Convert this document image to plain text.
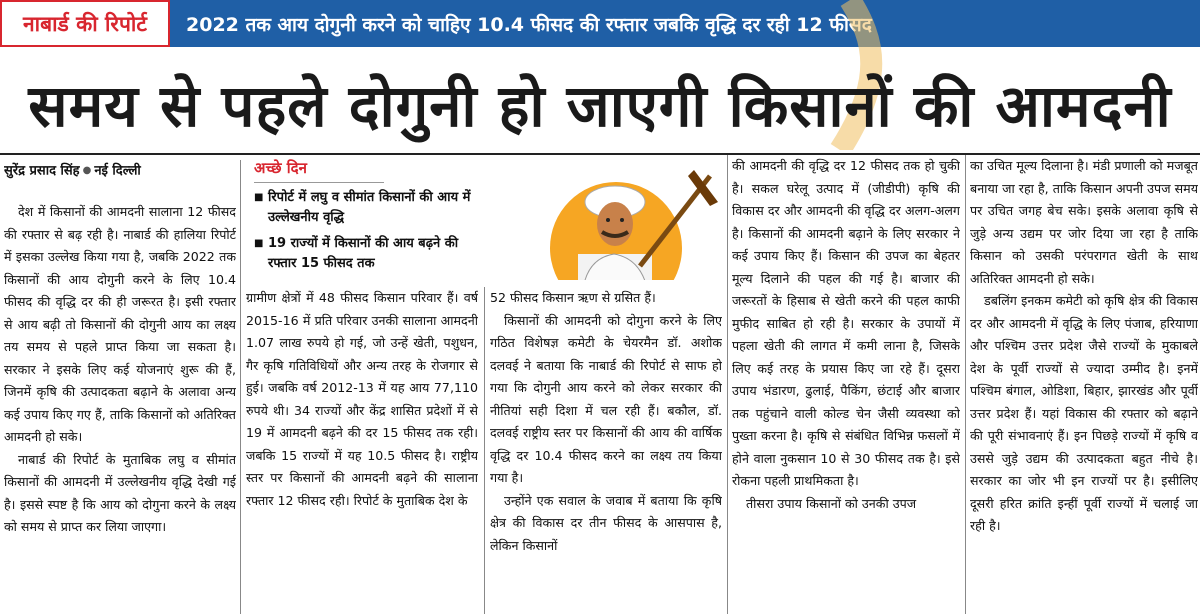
नाबार्ड की रिपोर्ट	2022 तक आय दोगुनी करने को चाहिए 10.4 फीसद की रफ्तार जबकि वृद्धि दर रही 12 फीसद
समय से पहले दोगुनी हो जाएगी किसानों की आमदनी
सुरेंद्र प्रसाद सिंह ● नई दिल्ली

देश में किसानों की आमदनी सालाना 12 फीसद की रफ्तार से बढ़ रही है। नाबार्ड की हालिया रिपोर्ट में इसका उल्लेख किया गया है, जबकि 2022 तक किसानों की आय दोगुनी करने के लिए 10.4 फीसद की वृद्धि दर की ही जरूरत है। इसी रफ्तार से आय बढ़ी तो किसानों की दोगुनी आय का लक्ष्य तय समय से पहले प्राप्त किया जा सकता है। सरकार ने इसके लिए कई योजनाएं शुरू की हैं, जिनमें कृषि की उत्पादकता बढ़ाने के अलावा अन्य कई उपाय किए गए हैं, ताकि किसानों को अतिरिक्त आमदनी हो सके।

नाबार्ड की रिपोर्ट के मुताबिक लघु व सीमांत किसानों की आमदनी में उल्लेखनीय वृद्धि देखी गई है। इससे स्पष्ट है कि आय को दोगुना करने के लक्ष्य को समय से प्राप्त कर लिया जाएगा।

अच्छे दिन
■ रिपोर्ट में लघु व सीमांत किसानों की आय में उल्लेखनीय वृद्धि
■ 19 राज्यों में किसानों की आय बढ़ने की रफ्तार 15 फीसद तक

ग्रामीण क्षेत्रों में 48 फीसद किसान परिवार हैं। वर्ष 2015-16 में प्रति परिवार उनकी सालाना आमदनी 1.07 लाख रुपये हो गई, जो उन्हें खेती, पशुधन, गैर कृषि गतिविधियों और अन्य तरह के रोजगार से हुई। जबकि वर्ष 2012-13 में यह आय 77,110 रुपये थी। 34 राज्यों और केंद्र शासित प्रदेशों में से 19 में आमदनी बढ़ने की दर 15 फीसद तक रही। जबकि 15 राज्यों में यह 10.5 फीसद है। राष्ट्रीय स्तर पर किसानों की आमदनी बढ़ने की सालाना रफ्तार 12 फीसद रही। रिपोर्ट के मुताबिक देश के

52 फीसद किसान ऋण से ग्रसित हैं।

किसानों की आमदनी को दोगुना करने के लिए गठित विशेषज्ञ कमेटी के चेयरमैन डॉ. अशोक दलवई ने बताया कि नाबार्ड की रिपोर्ट से साफ हो गया कि दोगुनी आय करने को लेकर सरकार की नीतियां सही दिशा में चल रही हैं। बकौल, डॉ. दलवई राष्ट्रीय स्तर पर किसानों की आय की वार्षिक वृद्धि दर 10.4 फीसद करने का लक्ष्य तय किया गया है।

उन्होंने एक सवाल के जवाब में बताया कि कृषि क्षेत्र की विकास दर तीन फीसद के आसपास है, लेकिन किसानों

की आमदनी की वृद्धि दर 12 फीसद तक हो चुकी है। सकल घरेलू उत्पाद में (जीडीपी) कृषि की विकास दर और आमदनी की वृद्धि दर अलग-अलग है। किसानों की आमदनी बढ़ाने के लिए सरकार ने कई उपाय किए हैं। किसान की उपज का बेहतर मूल्य दिलाने की पहल की गई है। बाजार की जरूरतों के हिसाब से खेती करने की पहल काफी मुफीद साबित हो रही है। सरकार के उपायों में पहला खेती की लागत में कमी लाना है, जिसके लिए कई तरह के प्रयास किए जा रहे हैं। दूसरा उपाय भंडारण, ढुलाई, पैकिंग, छंटाई और बाजार तक पहुंचाने वाली कोल्ड चेन जैसी व्यवस्था को पुख्ता करना है। कृषि से संबंधित विभिन्न फसलों में होने वाला नुकसान 10 से 30 फीसद तक है। इसे रोकना पहली प्राथमिकता है।

तीसरा उपाय किसानों को उनकी उपज

का उचित मूल्य दिलाना है। मंडी प्रणाली को मजबूत बनाया जा रहा है, ताकि किसान अपनी उपज समय पर उचित जगह बेच सके। इसके अलावा कृषि से जुड़े अन्य उद्यम पर जोर दिया जा रहा है ताकि किसान को उसकी परंपरागत खेती के साथ अतिरिक्त आमदनी हो सके।

डबलिंग इनकम कमेटी को कृषि क्षेत्र की विकास दर और आमदनी में वृद्धि के लिए पंजाब, हरियाणा और पश्चिम उत्तर प्रदेश जैसे राज्यों के मुकाबले देश के पूर्वी राज्यों से ज्यादा उम्मीद है। इनमें पश्चिम बंगाल, ओडिशा, बिहार, झारखंड और पूर्वी उत्तर प्रदेश हैं। यहां विकास की रफ्तार को बढ़ाने की पूरी संभावनाएं हैं। इन पिछड़े राज्यों में कृषि व उससे जुड़े उद्यम की उत्पादकता बहुत नीचे है। सरकार का जोर भी इन राज्यों पर है। इसीलिए दूसरी हरित क्रांति इन्हीं पूर्वी राज्यों में चलाई जा रही है।
